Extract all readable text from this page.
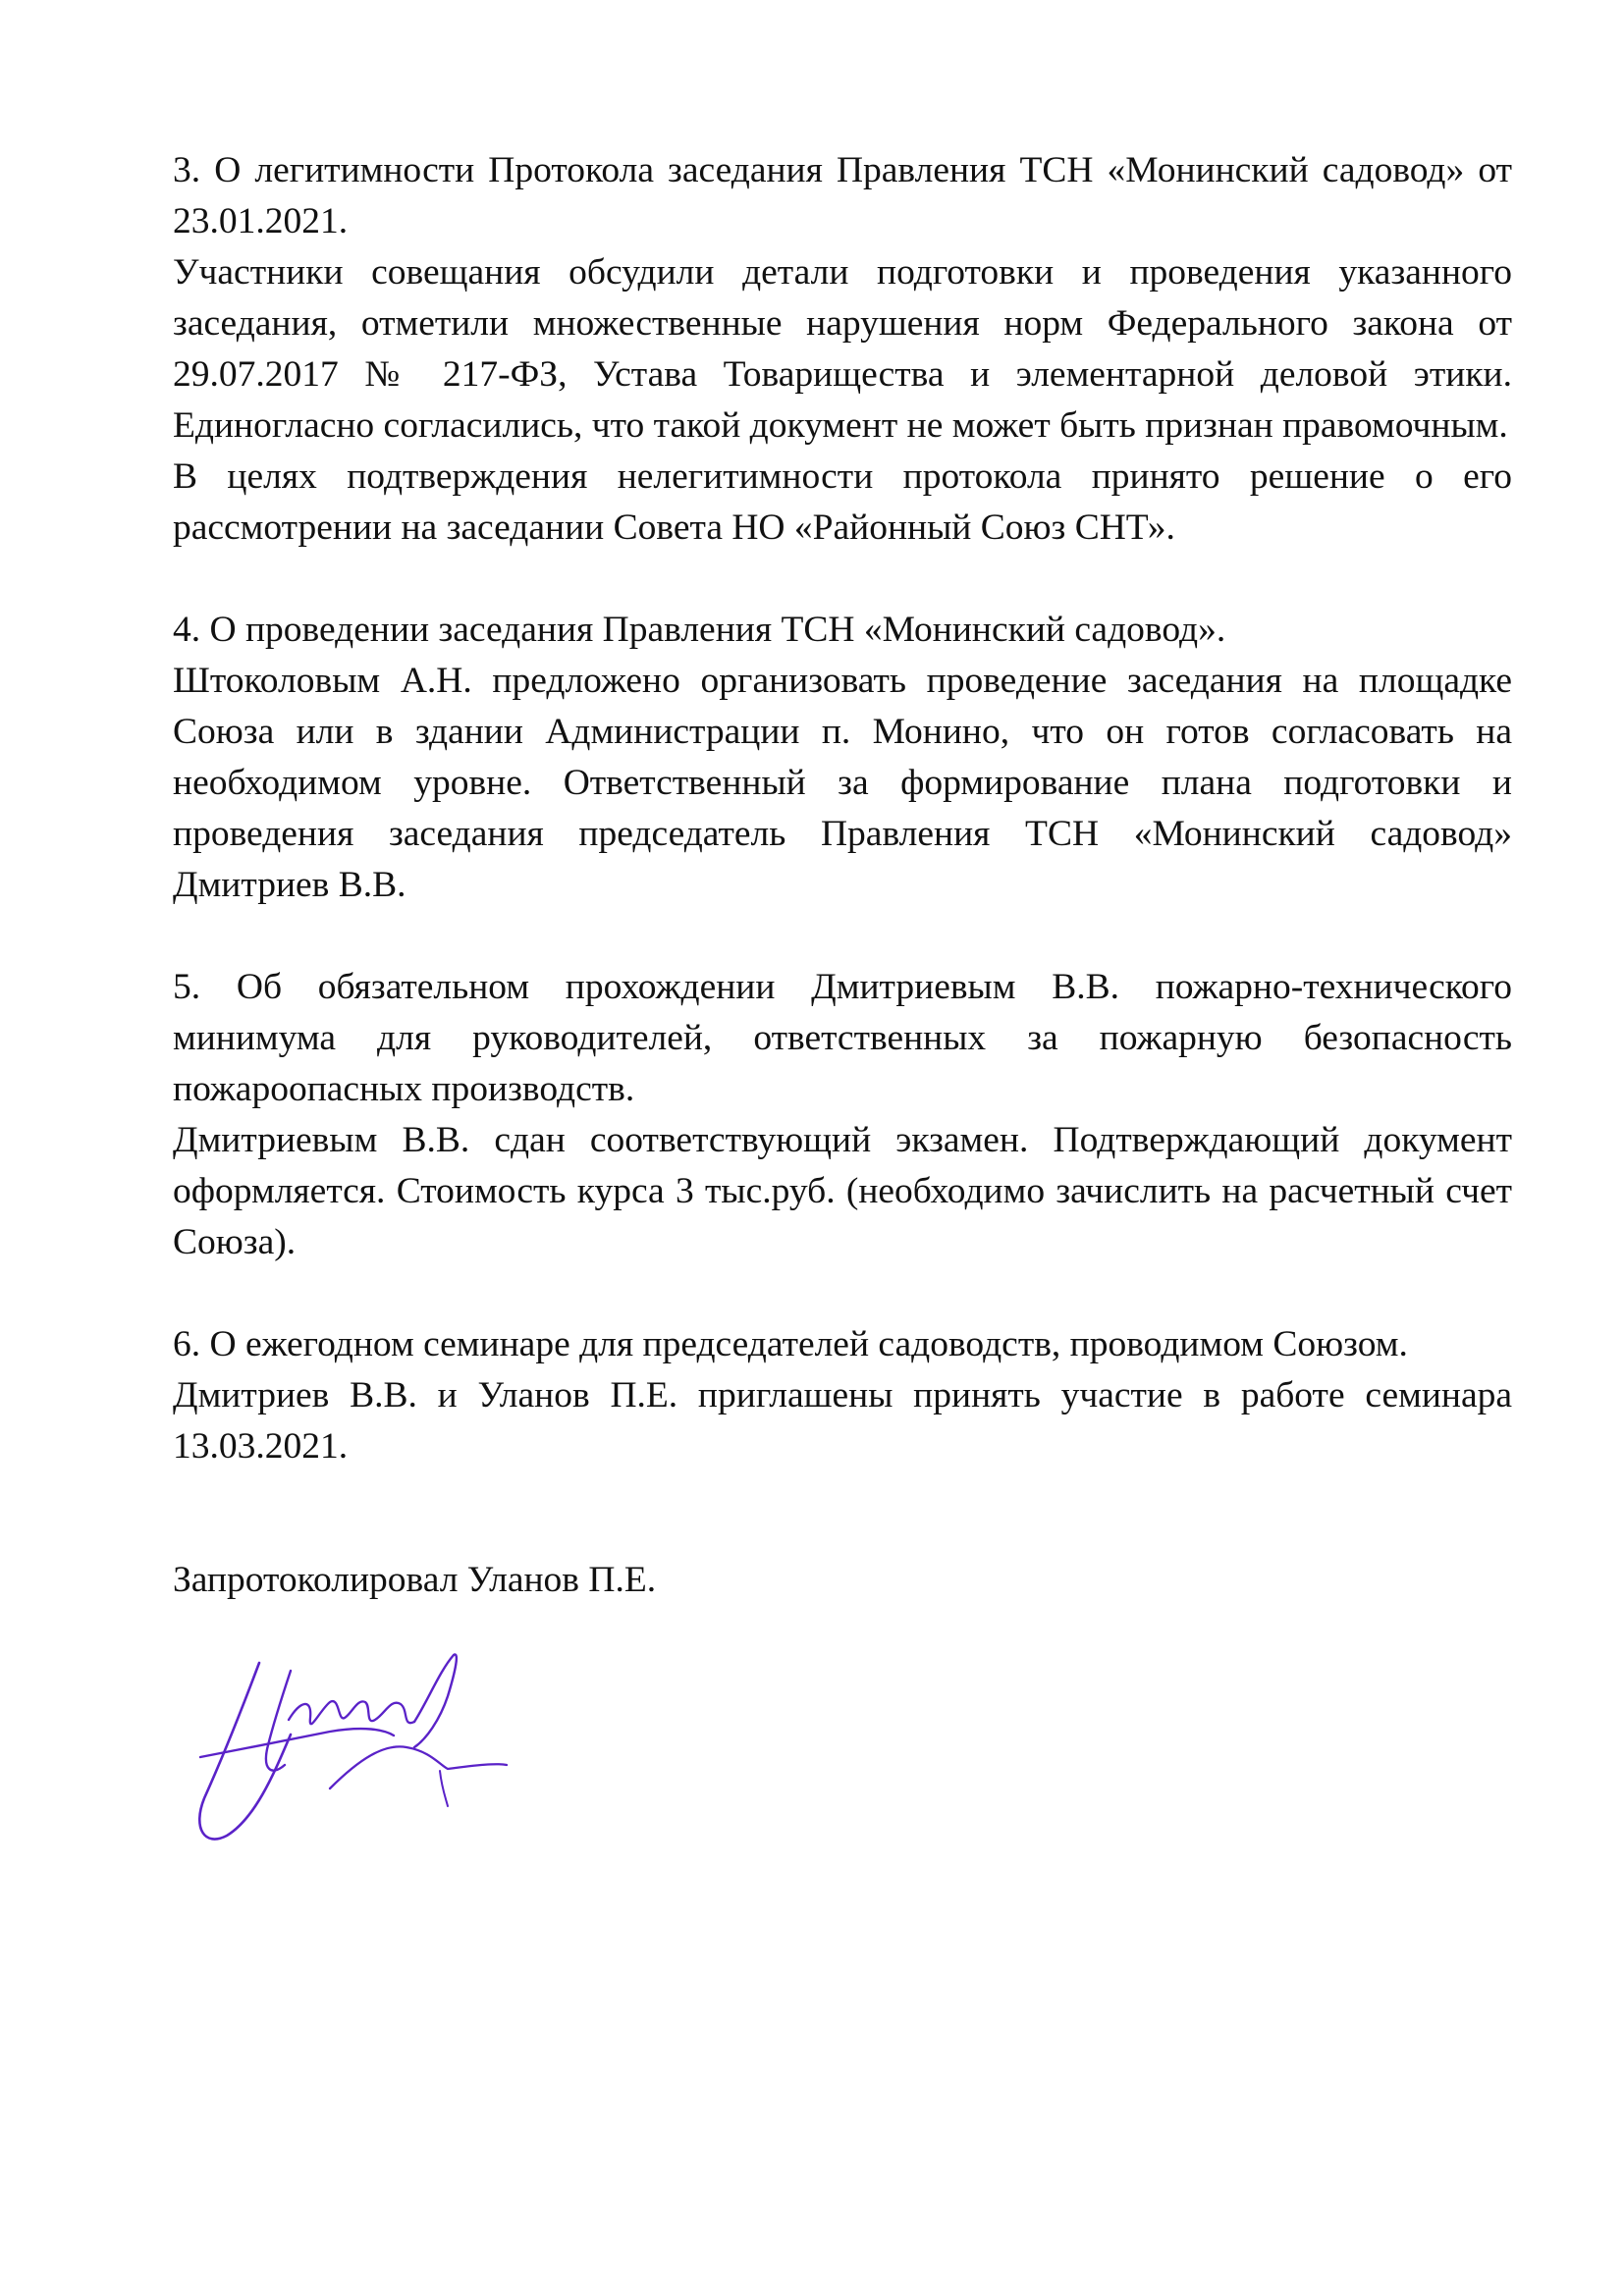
3. О легитимности Протокола заседания Правления ТСН «Монинский садовод» от 23.01.2021.

Участники совещания обсудили детали подготовки и проведения указанного заседания, отметили множественные нарушения норм Федерального закона от 29.07.2017 № 217-ФЗ, Устава Товарищества и элементарной деловой этики. Единогласно согласились, что такой документ не может быть признан правомочным.

В целях подтверждения нелегитимности протокола принято решение о его рассмотрении на заседании Совета НО «Районный Союз СНТ».

4. О проведении заседания Правления ТСН «Монинский садовод».

Штоколовым А.Н. предложено организовать проведение заседания на площадке Союза или в здании Администрации п. Монино, что он готов согласовать на необходимом уровне. Ответственный за формирование плана подготовки и проведения заседания председатель Правления ТСН «Монинский садовод» Дмитриев В.В.

5. Об обязательном прохождении Дмитриевым В.В. пожарно-технического минимума для руководителей, ответственных за пожарную безопасность пожароопасных производств.

Дмитриевым В.В. сдан соответствующий экзамен. Подтверждающий документ оформляется. Стоимость курса 3 тыс.руб. (необходимо зачислить на расчетный счет Союза).

6. О ежегодном семинаре для председателей садоводств, проводимом Союзом.

Дмитриев В.В. и Уланов П.Е. приглашены принять участие в работе семинара 13.03.2021.

Запротоколировал Уланов П.Е.
